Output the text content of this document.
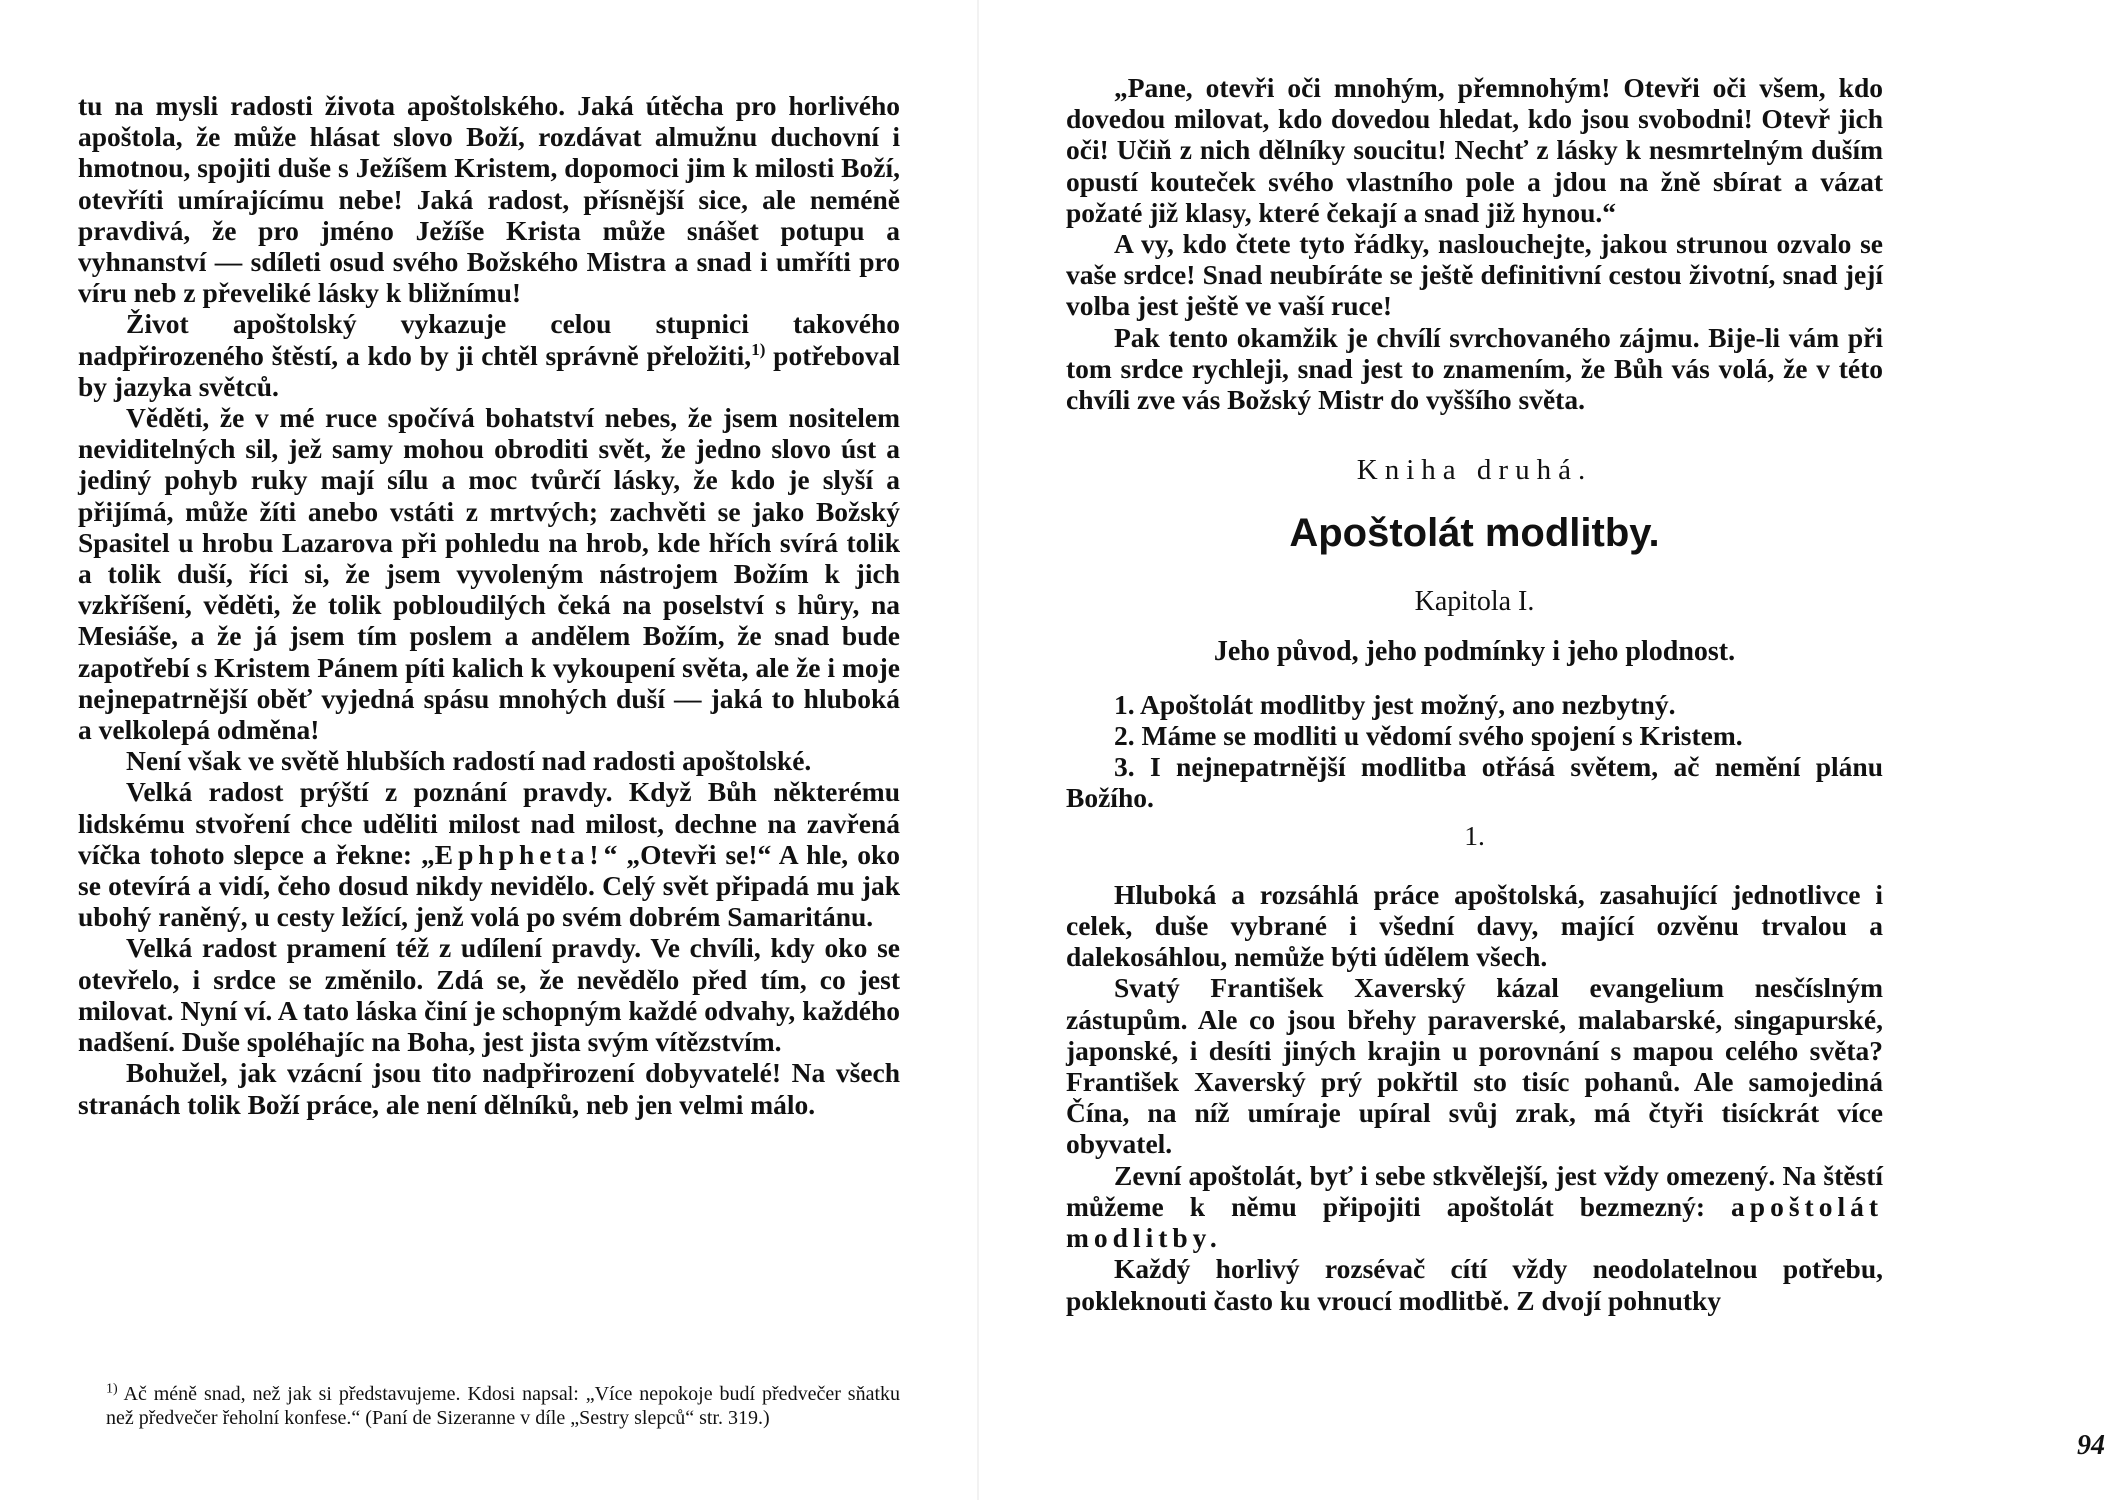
tu na mysli radosti života apoštolského. Jaká útěcha pro horlivého apoštola, že může hlásat slovo Boží, rozdávat almužnu duchovní i hmotnou, spojiti duše s Ježíšem Kristem, dopomoci jim k milosti Boží, otevříti umírajícímu nebe! Jaká radost, přísnější sice, ale neméně pravdivá, že pro jméno Ježíše Krista může snášet potupu a vyhnanství — sdíleti osud svého Božského Mistra a snad i umříti pro víru neb z převeliké lásky k bližnímu!

Život apoštolský vykazuje celou stupnici takového nadpřirozeného štěstí, a kdo by ji chtěl správně přeložiti,$^{1)}$ potřeboval by jazyka světců.

Věděti, že v mé ruce spočívá bohatství nebes, že jsem nositelem neviditelných sil, jež samy mohou obroditi svět, že jedno slovo úst a jediný pohyb ruky mají sílu a moc tvůrčí lásky, že kdo je slyší a přijímá, může žíti anebo vstáti z mrtvých; zachvěti se jako Božský Spasitel u hrobu Lazarova při pohledu na hrob, kde hřích svírá tolik a tolik duší, říci si, že jsem vyvoleným nástrojem Božím k jich vzkříšení, věděti, že tolik pobloudilých čeká na poselství s hůry, na Mesiáše, a že já jsem tím poslem a andělem Božím, že snad bude zapotřebí s Kristem Pánem píti kalich k vykoupení světa, ale že i moje nejnepatrnější oběť vyjedná spásu mnohých duší — jaká to hluboká a velkolepá odměna!

Není však ve světě hlubších radostí nad radosti apoštolské.

Velká radost prýští z poznání pravdy. Když Bůh některému lidskému stvoření chce uděliti milost nad milost, dechne na zavřená víčka tohoto slepce a řekne: „Ephpheta!“ „Otevři se!“ A hle, oko se otevírá a vidí, čeho dosud nikdy nevidělo. Celý svět připadá mu jak ubohý raněný, u cesty ležící, jenž volá po svém dobrém Samaritánu.

Velká radost pramení též z udílení pravdy. Ve chvíli, kdy oko se otevřelo, i srdce se změnilo. Zdá se, že nevědělo před tím, co jest milovat. Nyní ví. A tato láska činí je schopným každé odvahy, každého nadšení. Duše spoléhajíc na Boha, jest jista svým vítězstvím.

Bohužel, jak vzácní jsou tito nadpřirození dobyvatelé! Na všech stranách tolik Boží práce, ale není dělníků, neb jen velmi málo.

$^{1)}$ Ač méně snad, než jak si představujeme. Kdosi napsal: „Více nepokoje budí předvečer sňatku než předvečer řeholní konfese.“ (Paní de Sizeranne v díle „Sestry slepců“ str. 319.)

„Pane, otevři oči mnohým, přemnohým! Otevři oči všem, kdo dovedou milovat, kdo dovedou hledat, kdo jsou svobodni! Otevř jich oči! Učiň z nich dělníky soucitu! Nechť z lásky k nesmrtelným duším opustí kouteček svého vlastního pole a jdou na žně sbírat a vázat požaté již klasy, které čekají a snad již hynou.“

A vy, kdo čtete tyto řádky, naslouchejte, jakou strunou ozvalo se vaše srdce! Snad neubíráte se ještě definitivní cestou životní, snad její volba jest ještě ve vaší ruce!

Pak tento okamžik je chvílí svrchovaného zájmu. Bije-li vám při tom srdce rychleji, snad jest to znamením, že Bůh vás volá, že v této chvíli zve vás Božský Mistr do vyššího světa.

Kniha druhá.

Apoštolát modlitby.

Kapitola I.

Jeho původ, jeho podmínky i jeho plodnost.

1. Apoštolát modlitby jest možný, ano nezbytný.

2. Máme se modliti u vědomí svého spojení s Kristem.

3. I nejnepatrnější modlitba otřásá světem, ač nemění plánu Božího.

1.

Hluboká a rozsáhlá práce apoštolská, zasahující jednotlivce i celek, duše vybrané i všední davy, mající ozvěnu trvalou a dalekosáhlou, nemůže býti údělem všech.

Svatý František Xaverský kázal evangelium nesčíslným zástupům. Ale co jsou břehy paraverské, malabarské, singapurské, japonské, i desíti jiných krajin u porovnání s mapou celého světa? František Xaverský prý pokřtil sto tisíc pohanů. Ale samojediná Čína, na níž umíraje upíral svůj zrak, má čtyři tisíckrát více obyvatel.

Zevní apoštolát, byť i sebe stkvělejší, jest vždy omezený. Na štěstí můžeme k němu připojiti apoštolát bezmezný: apoštolát modlitby.

Každý horlivý rozsévač cítí vždy neodolatelnou potřebu, pokleknouti často ku vroucí modlitbě. Z dvojí pohnutky

94
